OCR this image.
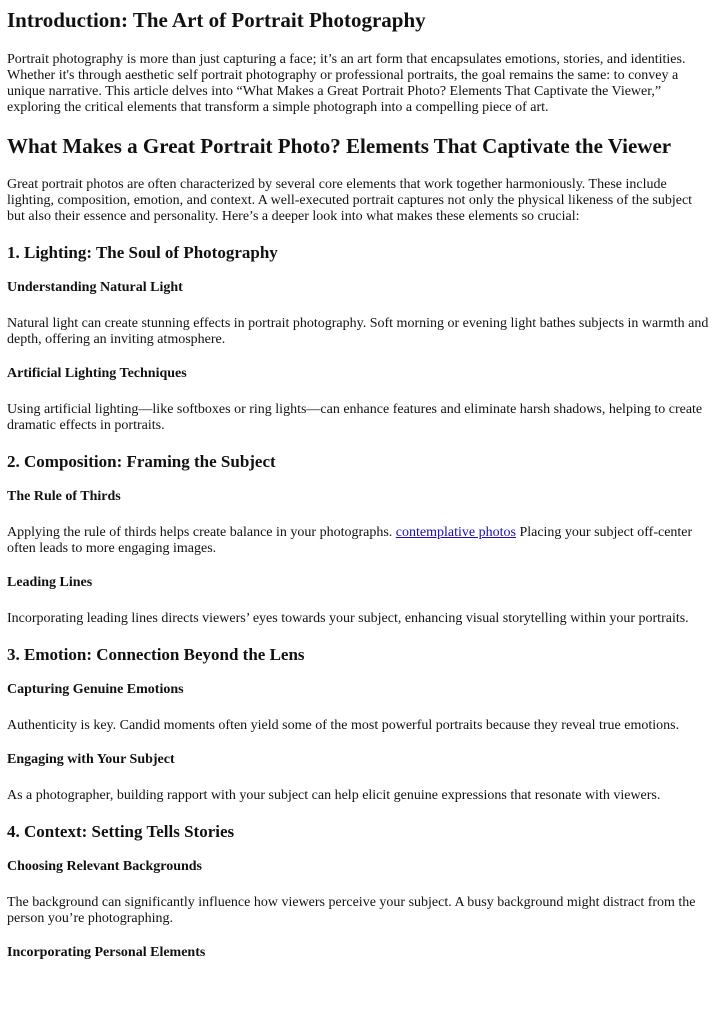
Introduction: The Art of Portrait Photography

Portrait photography is more than just capturing a face; it’s an art form that encapsulates emotions, stories, and identities. Whether it's through aesthetic self portrait photography or professional portraits, the goal remains the same: to convey a unique narrative. This article delves into “What Makes a Great Portrait Photo? Elements That Captivate the Viewer,” exploring the critical elements that transform a simple photograph into a compelling piece of art.

What Makes a Great Portrait Photo? Elements That Captivate the Viewer

Great portrait photos are often characterized by several core elements that work together harmoniously. These include lighting, composition, emotion, and context. A well-executed portrait captures not only the physical likeness of the subject but also their essence and personality. Here’s a deeper look into what makes these elements so crucial:

1. Lighting: The Soul of Photography
Understanding Natural Light

Natural light can create stunning effects in portrait photography. Soft morning or evening light bathes subjects in warmth and depth, offering an inviting atmosphere.

Artificial Lighting Techniques

Using artificial lighting—like softboxes or ring lights—can enhance features and eliminate harsh shadows, helping to create dramatic effects in portraits.

2. Composition: Framing the Subject
The Rule of Thirds

Applying the rule of thirds helps create balance in your photographs. contemplative photos Placing your subject off-center often leads to more engaging images.

Leading Lines

Incorporating leading lines directs viewers’ eyes towards your subject, enhancing visual storytelling within your portraits.

3. Emotion: Connection Beyond the Lens
Capturing Genuine Emotions

Authenticity is key. Candid moments often yield some of the most powerful portraits because they reveal true emotions.

Engaging with Your Subject

As a photographer, building rapport with your subject can help elicit genuine expressions that resonate with viewers.

4. Context: Setting Tells Stories
Choosing Relevant Backgrounds

The background can significantly influence how viewers perceive your subject. A busy background might distract from the person you’re photographing.

Incorporating Personal Elements
